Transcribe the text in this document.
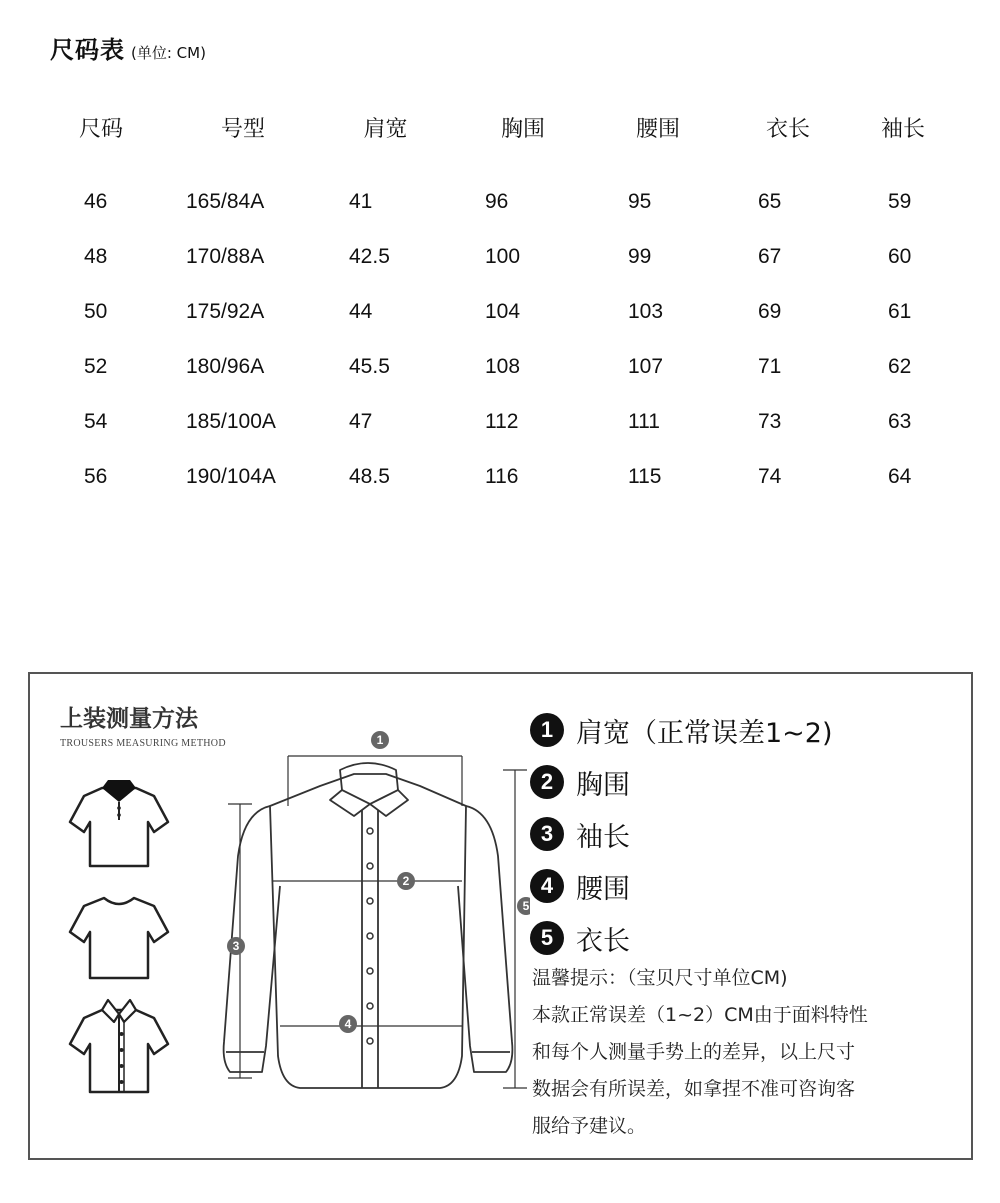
尺码表 (单位: CM)
尺码	号型	肩宽	胸围	腰围	衣长	袖长
46	165/84A	41	96	95	65	59
48	170/88A	42.5	100	99	67	60
50	175/92A	44	104	103	69	61
52	180/96A	45.5	108	107	71	62
54	185/100A	47	112	111	73	63
56	190/104A	48.5	116	115	74	64
上装测量方法
TROUSERS MEASURING METHOD	1
2
3
4
5
1 肩宽（正常误差1~2)
2 胸围
3 袖长
4 腰围
5 衣长
温馨提示：（宝贝尺寸单位CM)
本款正常误差（1~2）CM由于面料特性
和每个人测量手势上的差异，以上尺寸
数据会有所误差，如拿捏不准可咨询客
服给予建议。
